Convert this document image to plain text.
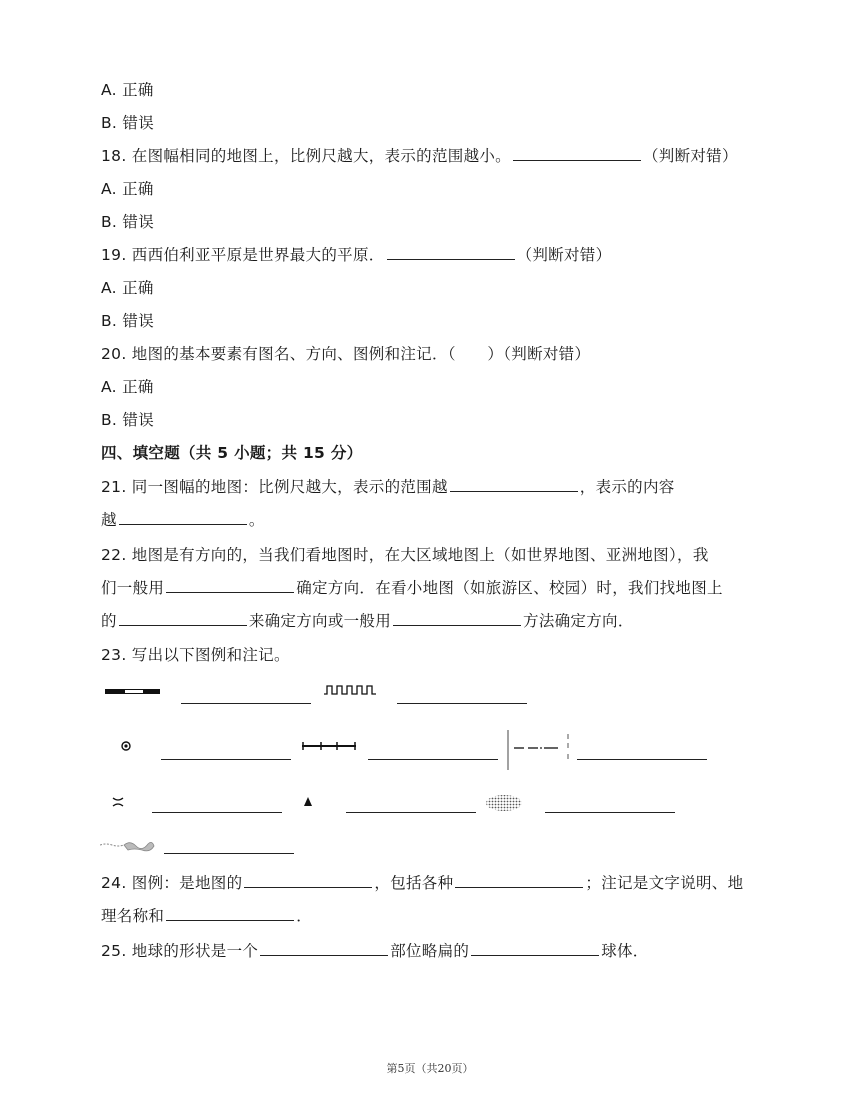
A. 正确
B. 错误
18. 在图幅相同的地图上，比例尺越大，表示的范围越小。	（判断对错）
A. 正确
B. 错误
19. 西西伯利亚平原是世界最大的平原．	（判断对错）
A. 正确
B. 错误
20. 地图的基本要素有图名、方向、图例和注记．（　　）（判断对错）
A. 正确
B. 错误
四、填空题（共 5 小题；共 15 分）
21. 同一图幅的地图：比例尺越大，表示的范围越	，表示的内容
越	。
22. 地图是有方向的，当我们看地图时，在大区域地图上（如世界地图、亚洲地图），我
们一般用	确定方向．在看小地图（如旅游区、校园）时，我们找地图上
的	来确定方向或一般用	方法确定方向．
23. 写出以下图例和注记。
24. 图例：是地图的	，包括各种	；注记是文字说明、地
理名称和	．
25. 地球的形状是一个	部位略扁的	球体．
第5页（共20页）
